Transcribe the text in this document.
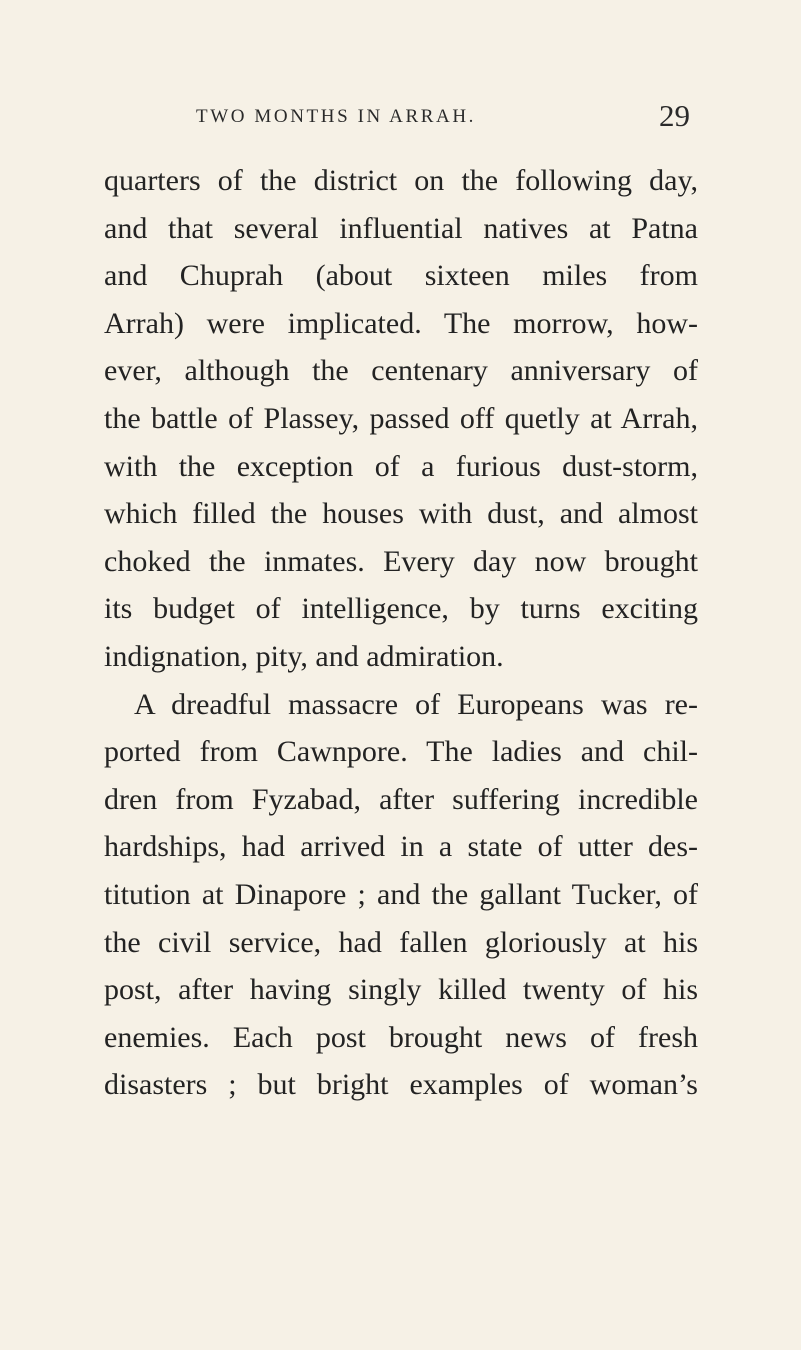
TWO MONTHS IN ARRAH.	29
quarters of the district on the following day,
and that several influential natives at Patna
and Chuprah (about sixteen miles from
Arrah) were implicated. The morrow, how-
ever, although the centenary anniversary of
the battle of Plassey, passed off quetly at Arrah,
with the exception of a furious dust-storm,
which filled the houses with dust, and almost
choked the inmates. Every day now brought
its budget of intelligence, by turns exciting
indignation, pity, and admiration.
A dreadful massacre of Europeans was re-
ported from Cawnpore. The ladies and chil-
dren from Fyzabad, after suffering incredible
hardships, had arrived in a state of utter des-
titution at Dinapore ; and the gallant Tucker, of
the civil service, had fallen gloriously at his
post, after having singly killed twenty of his
enemies. Each post brought news of fresh
disasters ; but bright examples of woman’s
